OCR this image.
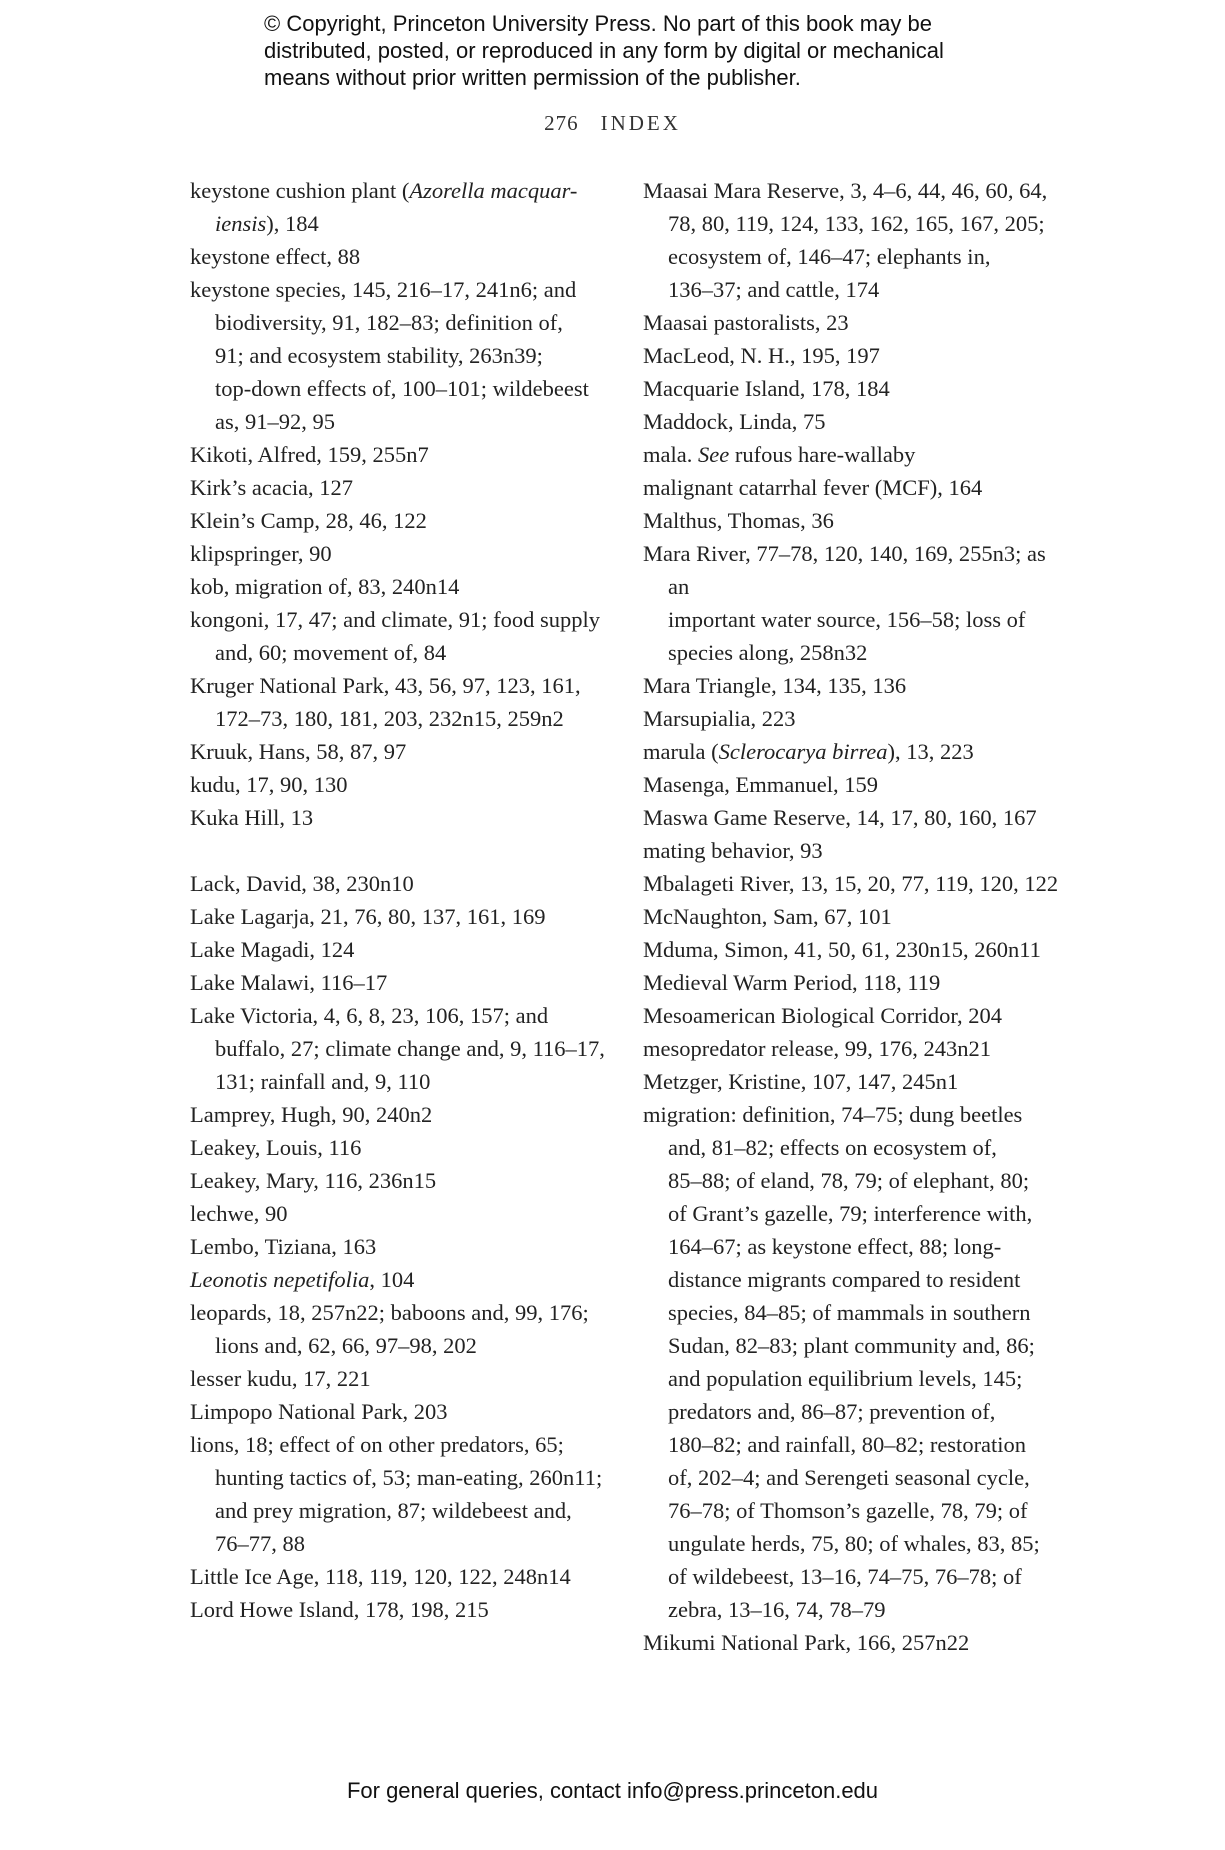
© Copyright, Princeton University Press. No part of this book may be
distributed, posted, or reproduced in any form by digital or mechanical
means without prior written permission of the publisher.
276 INDEX
keystone cushion plant (Azorella macquar-
iensis), 184
keystone effect, 88
keystone species, 145, 216–17, 241n6; and
biodiversity, 91, 182–83; definition of,
91; and ecosystem stability, 263n39;
top-down effects of, 100–101; wildebeest
as, 91–92, 95
Kikoti, Alfred, 159, 255n7
Kirk’s acacia, 127
Klein’s Camp, 28, 46, 122
klipspringer, 90
kob, migration of, 83, 240n14
kongoni, 17, 47; and climate, 91; food supply
and, 60; movement of, 84
Kruger National Park, 43, 56, 97, 123, 161,
172–73, 180, 181, 203, 232n15, 259n2
Kruuk, Hans, 58, 87, 97
kudu, 17, 90, 130
Kuka Hill, 13
Lack, David, 38, 230n10
Lake Lagarja, 21, 76, 80, 137, 161, 169
Lake Magadi, 124
Lake Malawi, 116–17
Lake Victoria, 4, 6, 8, 23, 106, 157; and
buffalo, 27; climate change and, 9, 116–17,
131; rainfall and, 9, 110
Lamprey, Hugh, 90, 240n2
Leakey, Louis, 116
Leakey, Mary, 116, 236n15
lechwe, 90
Lembo, Tiziana, 163
Leonotis nepetifolia, 104
leopards, 18, 257n22; baboons and, 99, 176;
lions and, 62, 66, 97–98, 202
lesser kudu, 17, 221
Limpopo National Park, 203
lions, 18; effect of on other predators, 65;
hunting tactics of, 53; man-eating, 260n11;
and prey migration, 87; wildebeest and,
76–77, 88
Little Ice Age, 118, 119, 120, 122, 248n14
Lord Howe Island, 178, 198, 215
Maasai Mara Reserve, 3, 4–6, 44, 46, 60, 64,
78, 80, 119, 124, 133, 162, 165, 167, 205;
ecosystem of, 146–47; elephants in,
136–37; and cattle, 174
Maasai pastoralists, 23
MacLeod, N. H., 195, 197
Macquarie Island, 178, 184
Maddock, Linda, 75
mala. See rufous hare-wallaby
malignant catarrhal fever (MCF), 164
Malthus, Thomas, 36
Mara River, 77–78, 120, 140, 169, 255n3; as an
important water source, 156–58; loss of
species along, 258n32
Mara Triangle, 134, 135, 136
Marsupialia, 223
marula (Sclerocarya birrea), 13, 223
Masenga, Emmanuel, 159
Maswa Game Reserve, 14, 17, 80, 160, 167
mating behavior, 93
Mbalageti River, 13, 15, 20, 77, 119, 120, 122
McNaughton, Sam, 67, 101
Mduma, Simon, 41, 50, 61, 230n15, 260n11
Medieval Warm Period, 118, 119
Mesoamerican Biological Corridor, 204
mesopredator release, 99, 176, 243n21
Metzger, Kristine, 107, 147, 245n1
migration: definition, 74–75; dung beetles
and, 81–82; effects on ecosystem of,
85–88; of eland, 78, 79; of elephant, 80;
of Grant’s gazelle, 79; interference with,
164–67; as keystone effect, 88; long-
distance migrants compared to resident
species, 84–85; of mammals in southern
Sudan, 82–83; plant community and, 86;
and population equilibrium levels, 145;
predators and, 86–87; prevention of,
180–82; and rainfall, 80–82; restoration
of, 202–4; and Serengeti seasonal cycle,
76–78; of Thomson’s gazelle, 78, 79; of
ungulate herds, 75, 80; of whales, 83, 85;
of wildebeest, 13–16, 74–75, 76–78; of
zebra, 13–16, 74, 78–79
Mikumi National Park, 166, 257n22
For general queries, contact info@press.princeton.edu
